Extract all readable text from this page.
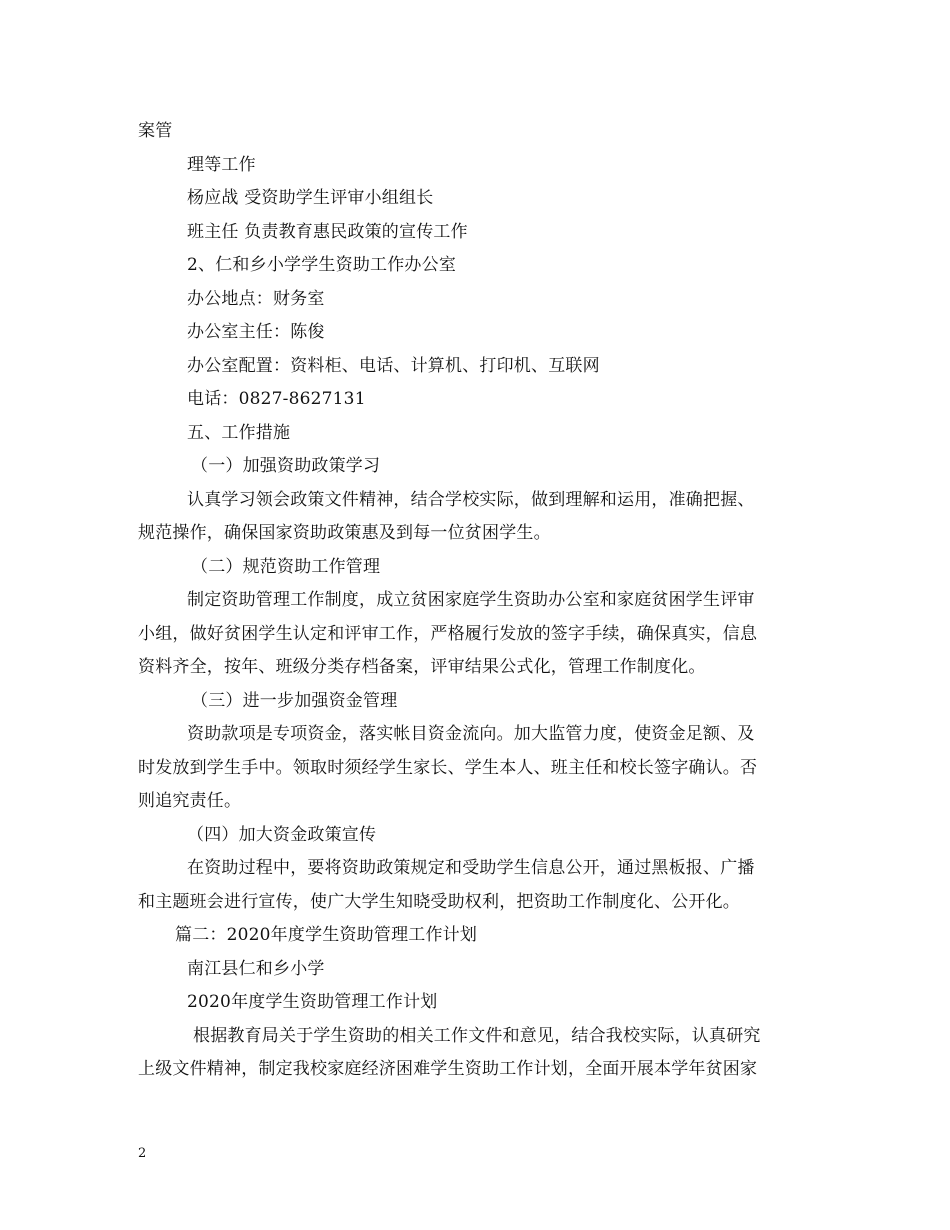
案管
理等工作
杨应战 受资助学生评审小组组长
班主任 负责教育惠民政策的宣传工作
2、仁和乡小学学生资助工作办公室
办公地点：财务室
办公室主任：陈俊
办公室配置：资料柜、电话、计算机、打印机、互联网
电话：0827-8627131
五、工作措施
（一）加强资助政策学习
认真学习领会政策文件精神，结合学校实际，做到理解和运用，准确把握、
规范操作，确保国家资助政策惠及到每一位贫困学生。
（二）规范资助工作管理
制定资助管理工作制度，成立贫困家庭学生资助办公室和家庭贫困学生评审
小组，做好贫困学生认定和评审工作，严格履行发放的签字手续，确保真实，信息
资料齐全，按年、班级分类存档备案，评审结果公式化，管理工作制度化。
（三）进一步加强资金管理
资助款项是专项资金，落实帐目资金流向。加大监管力度，使资金足额、及
时发放到学生手中。领取时须经学生家长、学生本人、班主任和校长签字确认。否
则追究责任。
（四）加大资金政策宣传
在资助过程中，要将资助政策规定和受助学生信息公开，通过黑板报、广播
和主题班会进行宣传，使广大学生知晓受助权利，把资助工作制度化、公开化。
篇二：2020年度学生资助管理工作计划
南江县仁和乡小学
2020年度学生资助管理工作计划
根据教育局关于学生资助的相关工作文件和意见，结合我校实际，认真研究
上级文件精神，制定我校家庭经济困难学生资助工作计划，全面开展本学年贫困家
2
